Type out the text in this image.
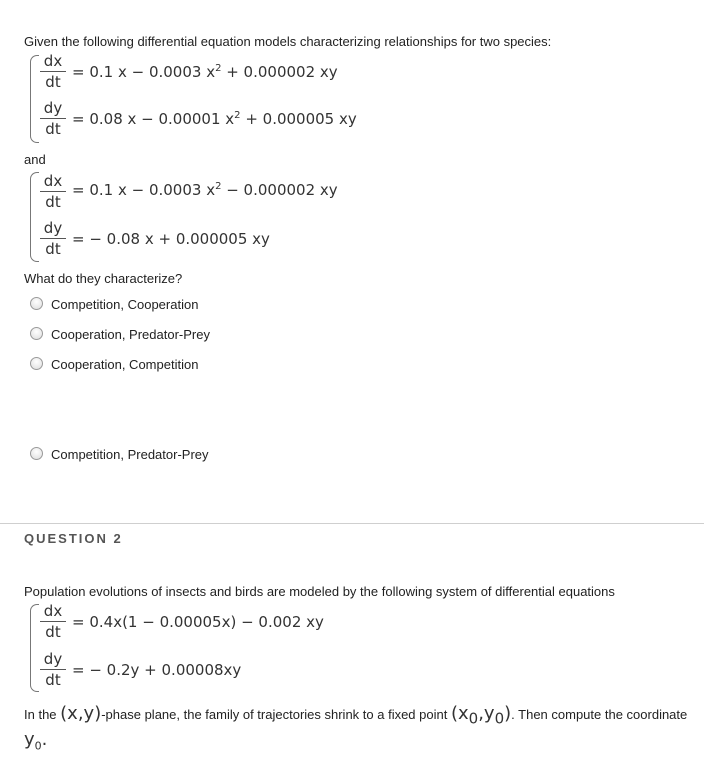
Given the following differential equation models characterizing relationships for two species:
dx
dt
= 0.1 x − 0.0003 $x^2 + 0.000002$ xy
dy
dt
= 0.08 x − 0.00001 $x^2 + 0.000005$ xy
and
dx
dt
= 0.1 x − 0.0003 $x^2 - 0.000002$ xy
dy
dt
= − 0.08 x + 0.000005 xy
What do they characterize?
Competition, Cooperation
Cooperation, Predator-Prey
Cooperation, Competition
Competition, Predator-Prey
QUESTION 2
Population evolutions of insects and birds are modeled by the following system of differential equations
dx
dt
= 0.4x(1 − 0.00005x) − 0.002 xy
dy
dt
= − 0.2y + 0.00008xy
In the (x,y)-phase plane, the family of trajectories shrink to a fixed point $(x_0,y_0)$. Then compute the coordinate
$y_0$.
